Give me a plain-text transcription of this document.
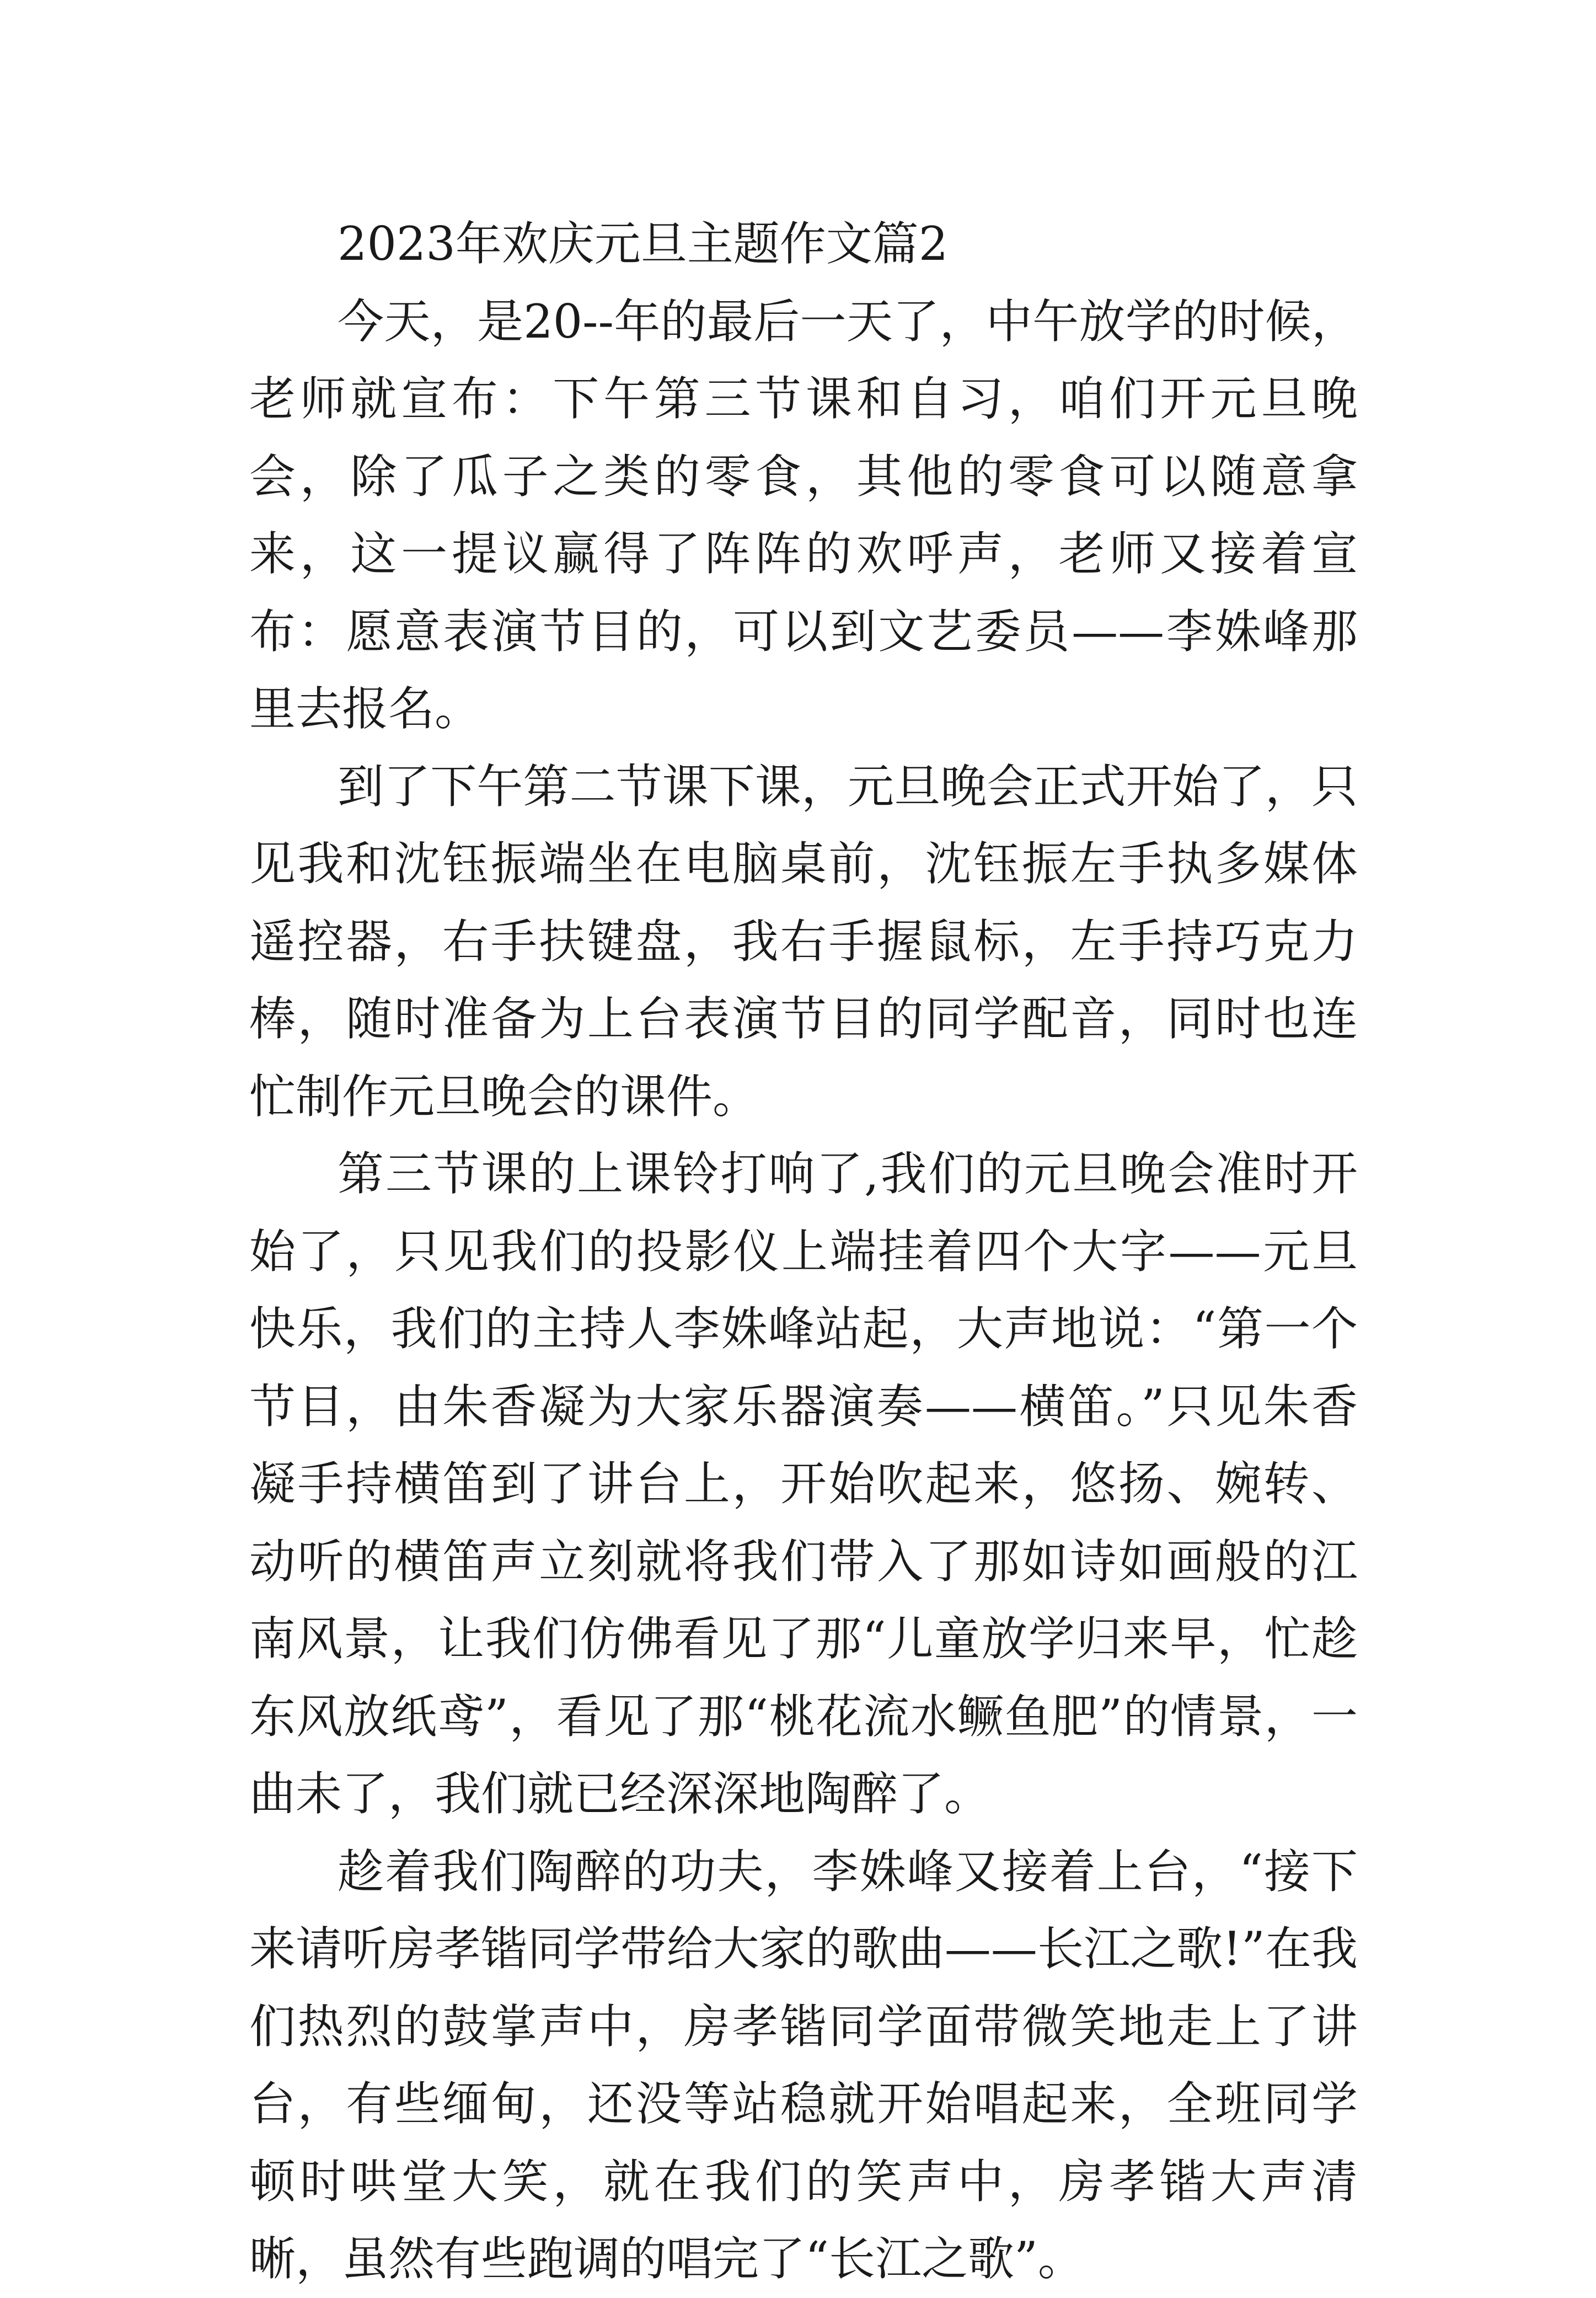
2023年欢庆元旦主题作文篇2

今天，是20--年的最后一天了，中午放学的时候，老师就宣布：下午第三节课和自习，咱们开元旦晚会，除了瓜子之类的零食，其他的零食可以随意拿来，这一提议赢得了阵阵的欢呼声，老师又接着宣布：愿意表演节目的，可以到文艺委员——李姝峰那里去报名。

到了下午第二节课下课，元旦晚会正式开始了，只见我和沈钰振端坐在电脑桌前，沈钰振左手执多媒体遥控器，右手扶键盘，我右手握鼠标，左手持巧克力棒，随时准备为上台表演节目的同学配音，同时也连忙制作元旦晚会的课件。

第三节课的上课铃打响了,我们的元旦晚会准时开始了，只见我们的投影仪上端挂着四个大字——元旦快乐，我们的主持人李姝峰站起，大声地说：“第一个节目，由朱香凝为大家乐器演奏——横笛。”只见朱香凝手持横笛到了讲台上，开始吹起来，悠扬、婉转、动听的横笛声立刻就将我们带入了那如诗如画般的江南风景，让我们仿佛看见了那“儿童放学归来早，忙趁东风放纸鸢”，看见了那“桃花流水鳜鱼肥”的情景，一曲未了，我们就已经深深地陶醉了。

趁着我们陶醉的功夫，李姝峰又接着上台，“接下来请听房孝锴同学带给大家的歌曲——长江之歌!”在我们热烈的鼓掌声中，房孝锴同学面带微笑地走上了讲台，有些缅甸，还没等站稳就开始唱起来，全班同学顿时哄堂大笑，就在我们的笑声中，房孝锴大声清晰，虽然有些跑调的唱完了“长江之歌”。
